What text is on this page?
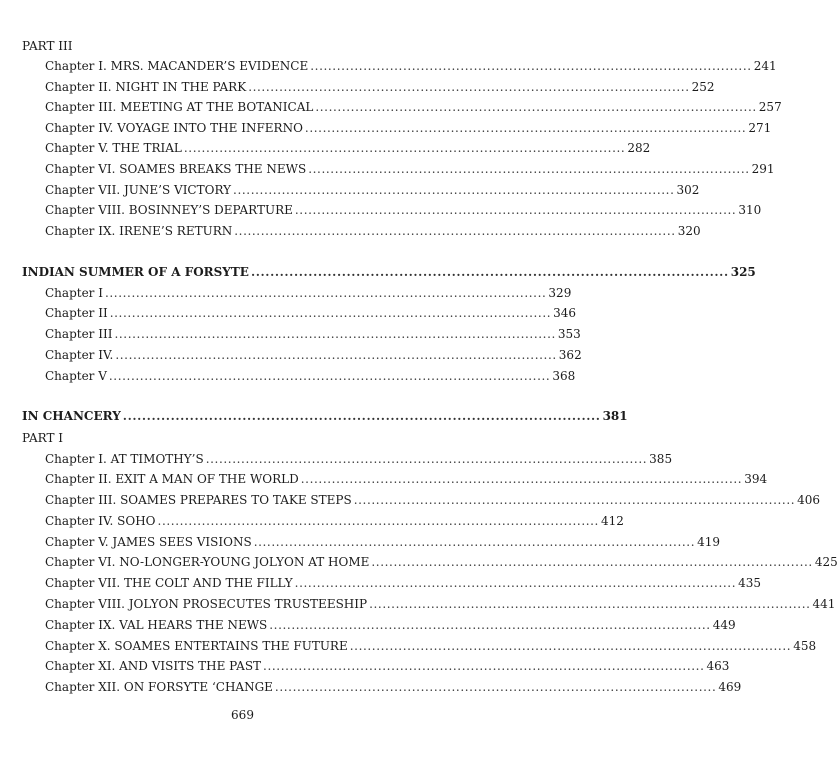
PART III
Chapter I. MRS. MACANDER’S EVIDENCE .................................................................................................... 241
Chapter II. NIGHT IN THE PARK .................................................................................................... 252
Chapter III. MEETING AT THE BOTANICAL .................................................................................................... 257
Chapter IV. VOYAGE INTO THE INFERNO .................................................................................................... 271
Chapter V. THE TRIAL .................................................................................................... 282
Chapter VI. SOAMES BREAKS THE NEWS .................................................................................................... 291
Chapter VII. JUNE’S VICTORY .................................................................................................... 302
Chapter VIII. BOSINNEY’S DEPARTURE .................................................................................................... 310
Chapter IX. IRENE’S RETURN .................................................................................................... 320
INDIAN SUMMER OF A FORSYTE .................................................................................................... 325
Chapter I .................................................................................................... 329
Chapter II .................................................................................................... 346
Chapter III .................................................................................................... 353
Chapter IV. .................................................................................................... 362
Chapter V .................................................................................................... 368
IN CHANCERY .................................................................................................... 381
PART I
Chapter I. AT TIMOTHY’S .................................................................................................... 385
Chapter II. EXIT A MAN OF THE WORLD .................................................................................................... 394
Chapter III. SOAMES PREPARES TO TAKE STEPS .................................................................................................... 406
Chapter IV. SOHO .................................................................................................... 412
Chapter V. JAMES SEES VISIONS .................................................................................................... 419
Chapter VI. NO-LONGER-YOUNG JOLYON AT HOME .................................................................................................... 425
Chapter VII. THE COLT AND THE FILLY .................................................................................................... 435
Chapter VIII. JOLYON PROSECUTES TRUSTEESHIP .................................................................................................... 441
Chapter IX. VAL HEARS THE NEWS .................................................................................................... 449
Chapter X. SOAMES ENTERTAINS THE FUTURE .................................................................................................... 458
Chapter XI. AND VISITS THE PAST .................................................................................................... 463
Chapter XII. ON FORSYTE ‘CHANGE .................................................................................................... 469
669
